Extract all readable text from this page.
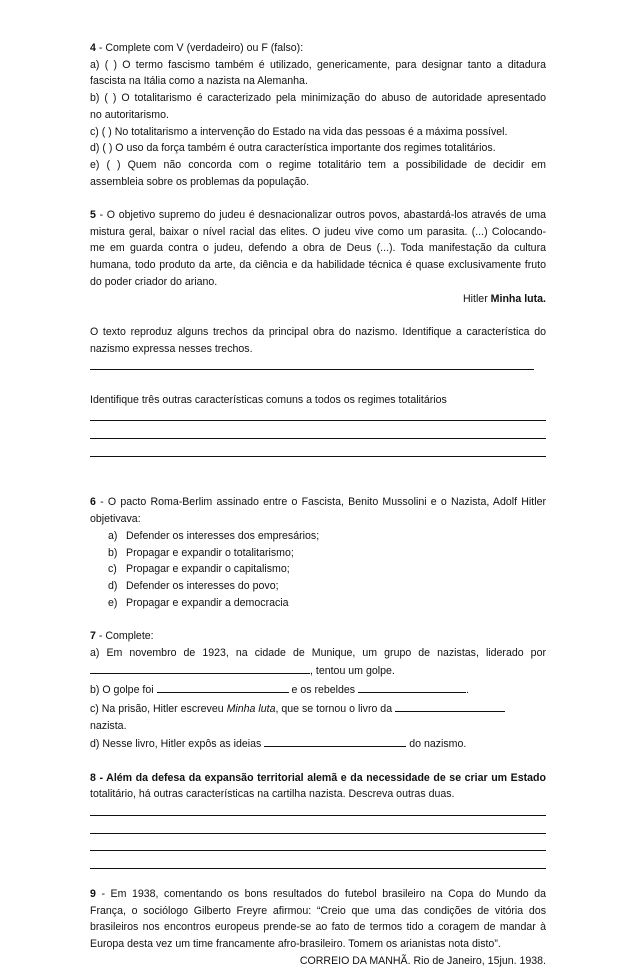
4 - Complete com V (verdadeiro) ou F (falso):
a) ( ) O termo fascismo também é utilizado, genericamente, para designar tanto a ditadura
fascista na Itália como a nazista na Alemanha.
b) ( ) O totalitarismo é caracterizado pela minimização do abuso de autoridade apresentado
no autoritarismo.
c) ( ) No totalitarismo a intervenção do Estado na vida das pessoas é a máxima possível.
d) ( ) O uso da força também é outra característica importante dos regimes totalitários.
e) ( ) Quem não concorda com o regime totalitário tem a possibilidade de decidir em
assembleia sobre os problemas da população.
5 - O objetivo supremo do judeu é desnacionalizar outros povos, abastardá-los através de uma
mistura geral, baixar o nível racial das elites. O judeu vive como um parasita. (...) Colocando-
me em guarda contra o judeu, defendo a obra de Deus (...). Toda manifestação da cultura
humana, todo produto da arte, da ciência e da habilidade técnica é quase exclusivamente fruto
do poder criador do ariano.
Hitler Minha luta.
O texto reproduz alguns trechos da principal obra do nazismo. Identifique a característica do
nazismo expressa nesses trechos.
Identifique três outras características comuns a todos os regimes totalitários
6 - O pacto Roma-Berlim assinado entre o Fascista, Benito Mussolini e o Nazista, Adolf Hitler
objetivava:
a) Defender os interesses dos empresários;
b) Propagar e expandir o totalitarismo;
c) Propagar e expandir o capitalismo;
d) Defender os interesses do povo;
e) Propagar e expandir a democracia
7 - Complete:
a) Em novembro de 1923, na cidade de Munique, um grupo de nazistas, liderado por
, tentou um golpe.
b) O golpe foi	e os rebeldes	.
c) Na prisão, Hitler escreveu Minha luta, que se tornou o livro da
nazista.
d) Nesse livro, Hitler expôs as ideias	do nazismo.
8 - Além da defesa da expansão territorial alemã e da necessidade de se criar um Estado
totalitário, há outras características na cartilha nazista. Descreva outras duas.
9 - Em 1938, comentando os bons resultados do futebol brasileiro na Copa do Mundo da
França, o sociólogo Gilberto Freyre afirmou: “Creio que uma das condições de vitória dos
brasileiros nos encontros europeus prende-se ao fato de termos tido a coragem de mandar à
Europa desta vez um time francamente afro-brasileiro. Tomem os arianistas nota disto”.
CORREIO DA MANHÃ. Rio de Janeiro, 15jun. 1938.
